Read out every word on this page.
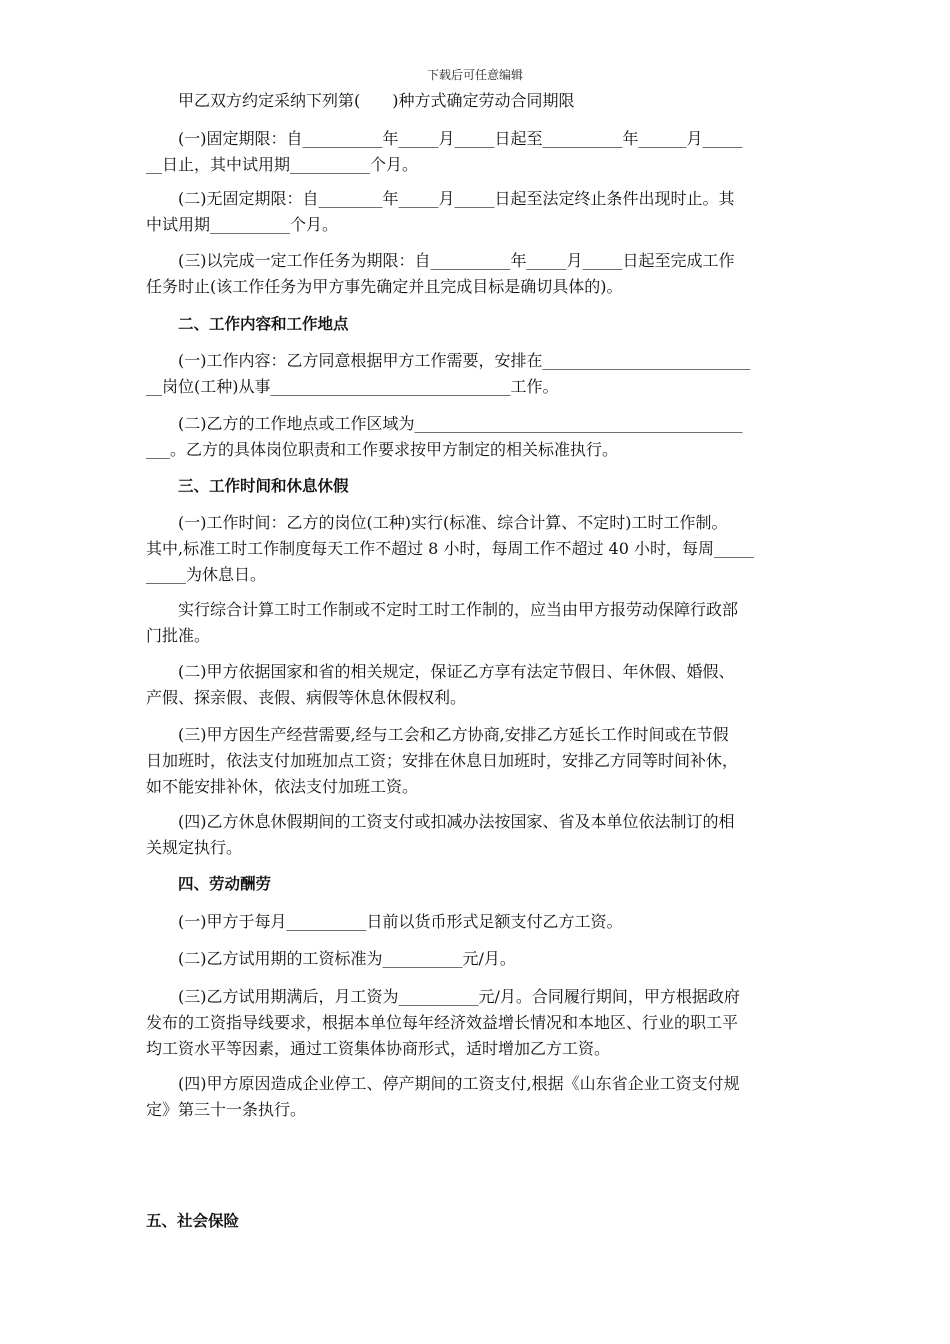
下载后可任意编辑
甲乙双方约定采纳下列第(　　)种方式确定劳动合同期限
(一)固定期限：自__________年_____月_____日起至__________年______月_____
__日止，其中试用期__________个月。
(二)无固定期限：自________年_____月_____日起至法定终止条件出现时止。其
中试用期__________个月。
(三)以完成一定工作任务为期限：自__________年_____月_____日起至完成工作
任务时止(该工作任务为甲方事先确定并且完成目标是确切具体的)。
二、工作内容和工作地点
(一)工作内容：乙方同意根据甲方工作需要，安排在__________________________
__岗位(工种)从事______________________________工作。
(二)乙方的工作地点或工作区域为_________________________________________
___。乙方的具体岗位职责和工作要求按甲方制定的相关标准执行。
三、工作时间和休息休假
(一)工作时间：乙方的岗位(工种)实行(标准、综合计算、不定时)工时工作制。
其中,标准工时工作制度每天工作不超过 8 小时，每周工作不超过 40 小时，每周_____
_____为休息日。
实行综合计算工时工作制或不定时工时工作制的，应当由甲方报劳动保障行政部
门批准。
(二)甲方依据国家和省的相关规定，保证乙方享有法定节假日、年休假、婚假、
产假、探亲假、丧假、病假等休息休假权利。
(三)甲方因生产经营需要,经与工会和乙方协商,安排乙方延长工作时间或在节假
日加班时，依法支付加班加点工资；安排在休息日加班时，安排乙方同等时间补休，
如不能安排补休，依法支付加班工资。
(四)乙方休息休假期间的工资支付或扣减办法按国家、省及本单位依法制订的相
关规定执行。
四、劳动酬劳
(一)甲方于每月__________日前以货币形式足额支付乙方工资。
(二)乙方试用期的工资标准为__________元/月。
(三)乙方试用期满后，月工资为__________元/月。合同履行期间，甲方根据政府
发布的工资指导线要求，根据本单位每年经济效益增长情况和本地区、行业的职工平
均工资水平等因素，通过工资集体协商形式，适时增加乙方工资。
(四)甲方原因造成企业停工、停产期间的工资支付,根据《山东省企业工资支付规
定》第三十一条执行。
五、社会保险
